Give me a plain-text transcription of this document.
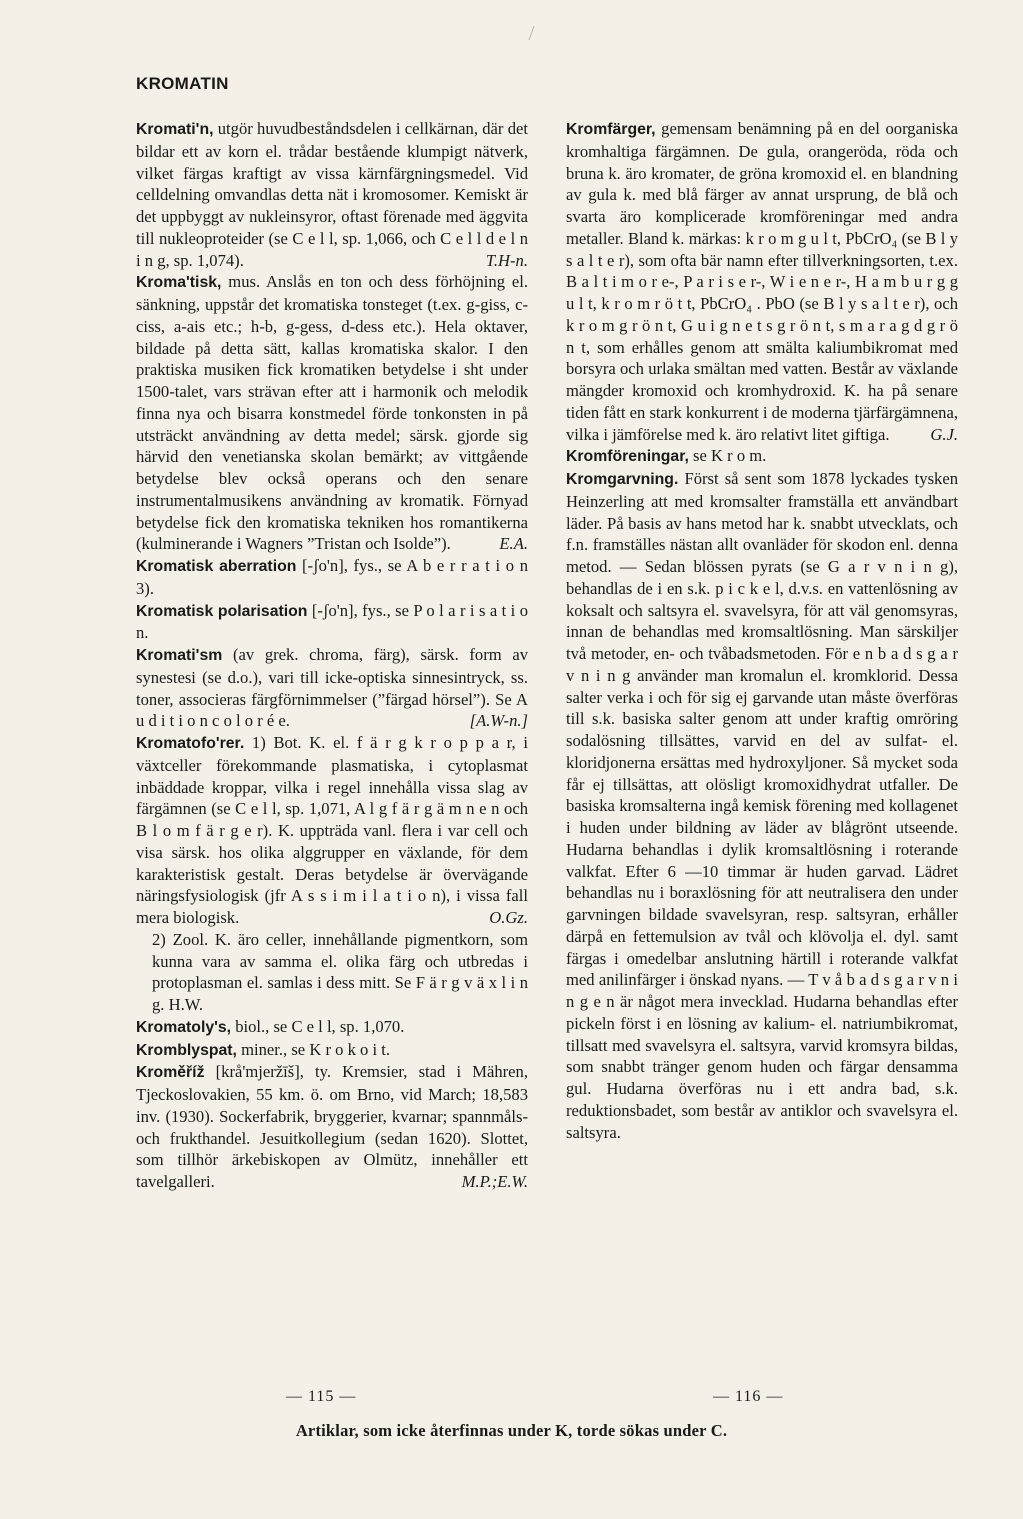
KROMATIN

Kromati'n, utgör huvudbeståndsdelen i cellkärnan, där det bildar ett av korn el. trådar bestående klumpigt nätverk, vilket färgas kraftigt av vissa kärnfärgningsmedel. Vid celldelning omvandlas detta nät i kromosomer. Kemiskt är det uppbyggt av nukleinsyror, oftast förenade med äggvita till nukleoproteider (se C e l l, sp. 1,066, och C e l l d e l n i n g, sp. 1,074).	T.H-n.

Kroma'tisk, mus. Anslås en ton och dess förhöjning el. sänkning, uppstår det kromatiska tonsteget (t.ex. g-giss, c-ciss, a-ais etc.; h-b, g-gess, d-dess etc.). Hela oktaver, bildade på detta sätt, kallas kromatiska skalor. I den praktiska musiken fick kromatiken betydelse i sht under 1500-talet, vars strävan efter att i harmonik och melodik finna nya och bisarra konstmedel förde tonkonsten in på utsträckt användning av detta medel; särsk. gjorde sig härvid den venetianska skolan bemärkt; av vittgående betydelse blev också operans och den senare instrumentalmusikens användning av kromatik. Förnyad betydelse fick den kromatiska tekniken hos romantikerna (kulminerande i Wagners ”Tristan och Isolde”).	E.A.

Kromatisk aberration [-ʃo'n], fys., se A b e r r a t i o n 3).

Kromatisk polarisation [-ʃo'n], fys., se P o l a r i s a t i o n.

Kromati'sm (av grek. chroma, färg), särsk. form av synestesi (se d.o.), vari till icke-optiska sinnesintryck, ss. toner, associeras färgförnimmelser (”färgad hörsel”). Se A u d i t i o n c o l o r é e.	[A.W-n.]

Kromatofo'rer. 1) Bot. K. el. f ä r g k r o p p a r, i växtceller förekommande plasmatiska, i cytoplasmat inbäddade kroppar, vilka i regel innehålla vissa slag av färgämnen (se C e l l, sp. 1,071, A l g f ä r g ä m n e n och B l o m f ä r g e r). K. uppträda vanl. flera i var cell och visa särsk. hos olika alggrupper en växlande, för dem karakteristisk gestalt. Deras betydelse är övervägande näringsfysiologisk (jfr A s s i m i l a t i o n), i vissa fall mera biologisk.	O.Gz.

2) Zool. K. äro celler, innehållande pigmentkorn, som kunna vara av samma el. olika färg och utbredas i protoplasman el. samlas i dess mitt. Se F ä r g v ä x l i n g. H.W.

Kromatoly's, biol., se C e l l, sp. 1,070.

Kromblyspat, miner., se K r o k o i t.

Kroměříž [krå'mjeržīš], ty. Kremsier, stad i Mähren, Tjeckoslovakien, 55 km. ö. om Brno, vid March; 18,583 inv. (1930). Sockerfabrik, bryggerier, kvarnar; spannmåls- och frukthandel. Jesuitkollegium (sedan 1620). Slottet, som tillhör ärkebiskopen av Olmütz, innehåller ett tavelgalleri.	M.P.;E.W.

Kromfärger, gemensam benämning på en del oorganiska kromhaltiga färgämnen. De gula, orangeröda, röda och bruna k. äro kromater, de gröna kromoxid el. en blandning av gula k. med blå färger av annat ursprung, de blå och svarta äro komplicerade kromföreningar med andra metaller. Bland k. märkas: k r o m g u l t, PbCrO₄ (se B l y s a l t e r), som ofta bär namn efter tillverkningsorten, t.ex. B a l t i m o r e-, P a r i s e r-, W i e n e r-, H a m b u r g g u l t, k r o m r ö t t, PbCrO₄ . PbO (se B l y s a l t e r), och k r o m g r ö n t, G u i g n e t s g r ö n t, s m a r a g d g r ö n t, som erhålles genom att smälta kaliumbikromat med borsyra och urlaka smältan med vatten. Består av växlande mängder kromoxid och kromhydroxid. K. ha på senare tiden fått en stark konkurrent i de moderna tjärfärgämnena, vilka i jämförelse med k. äro relativt litet giftiga. G.J.

Kromföreningar, se K r o m.

Kromgarvning. Först så sent som 1878 lyckades tysken Heinzerling att med kromsalter framställa ett användbart läder. På basis av hans metod har k. snabbt utvecklats, och f.n. framställes nästan allt ovanläder för skodon enl. denna metod. — Sedan blössen pyrats (se G a r v n i n g), behandlas de i en s.k. p i c k e l, d.v.s. en vattenlösning av koksalt och saltsyra el. svavelsyra, för att väl genomsyras, innan de behandlas med kromsaltlösning. Man särskiljer två metoder, en- och tvåbadsmetoden. För e n b a d s g a r v n i n g använder man kromalun el. kromklorid. Dessa salter verka i och för sig ej garvande utan måste överföras till s.k. basiska salter genom att under kraftig omröring sodalösning tillsättes, varvid en del av sulfat- el. kloridjonerna ersättas med hydroxyljoner. Så mycket soda får ej tillsättas, att olösligt kromoxidhydrat utfaller. De basiska kromsalterna ingå kemisk förening med kollagenet i huden under bildning av läder av blågrönt utseende. Hudarna behandlas i dylik kromsaltlösning i roterande valkfat. Efter 6 —10 timmar är huden garvad. Lädret behandlas nu i boraxlösning för att neutralisera den under garvningen bildade svavelsyran, resp. saltsyran, erhåller därpå en fettemulsion av tvål och klövolja el. dyl. samt färgas i omedelbar anslutning härtill i roterande valkfat med anilinfärger i önskad nyans. — T v å b a d s g a r v n i n g e n är något mera invecklad. Hudarna behandlas efter pickeln först i en lösning av kalium- el. natriumbikromat, tillsatt med svavelsyra el. saltsyra, varvid kromsyra bildas, som snabbt tränger genom huden och färgar densamma gul. Hudarna överföras nu i ett andra bad, s.k. reduktionsbadet, som består av antiklor och svavelsyra el. saltsyra.

— 115 —	— 116 —
Artiklar, som icke återfinnas under K, torde sökas under C.
